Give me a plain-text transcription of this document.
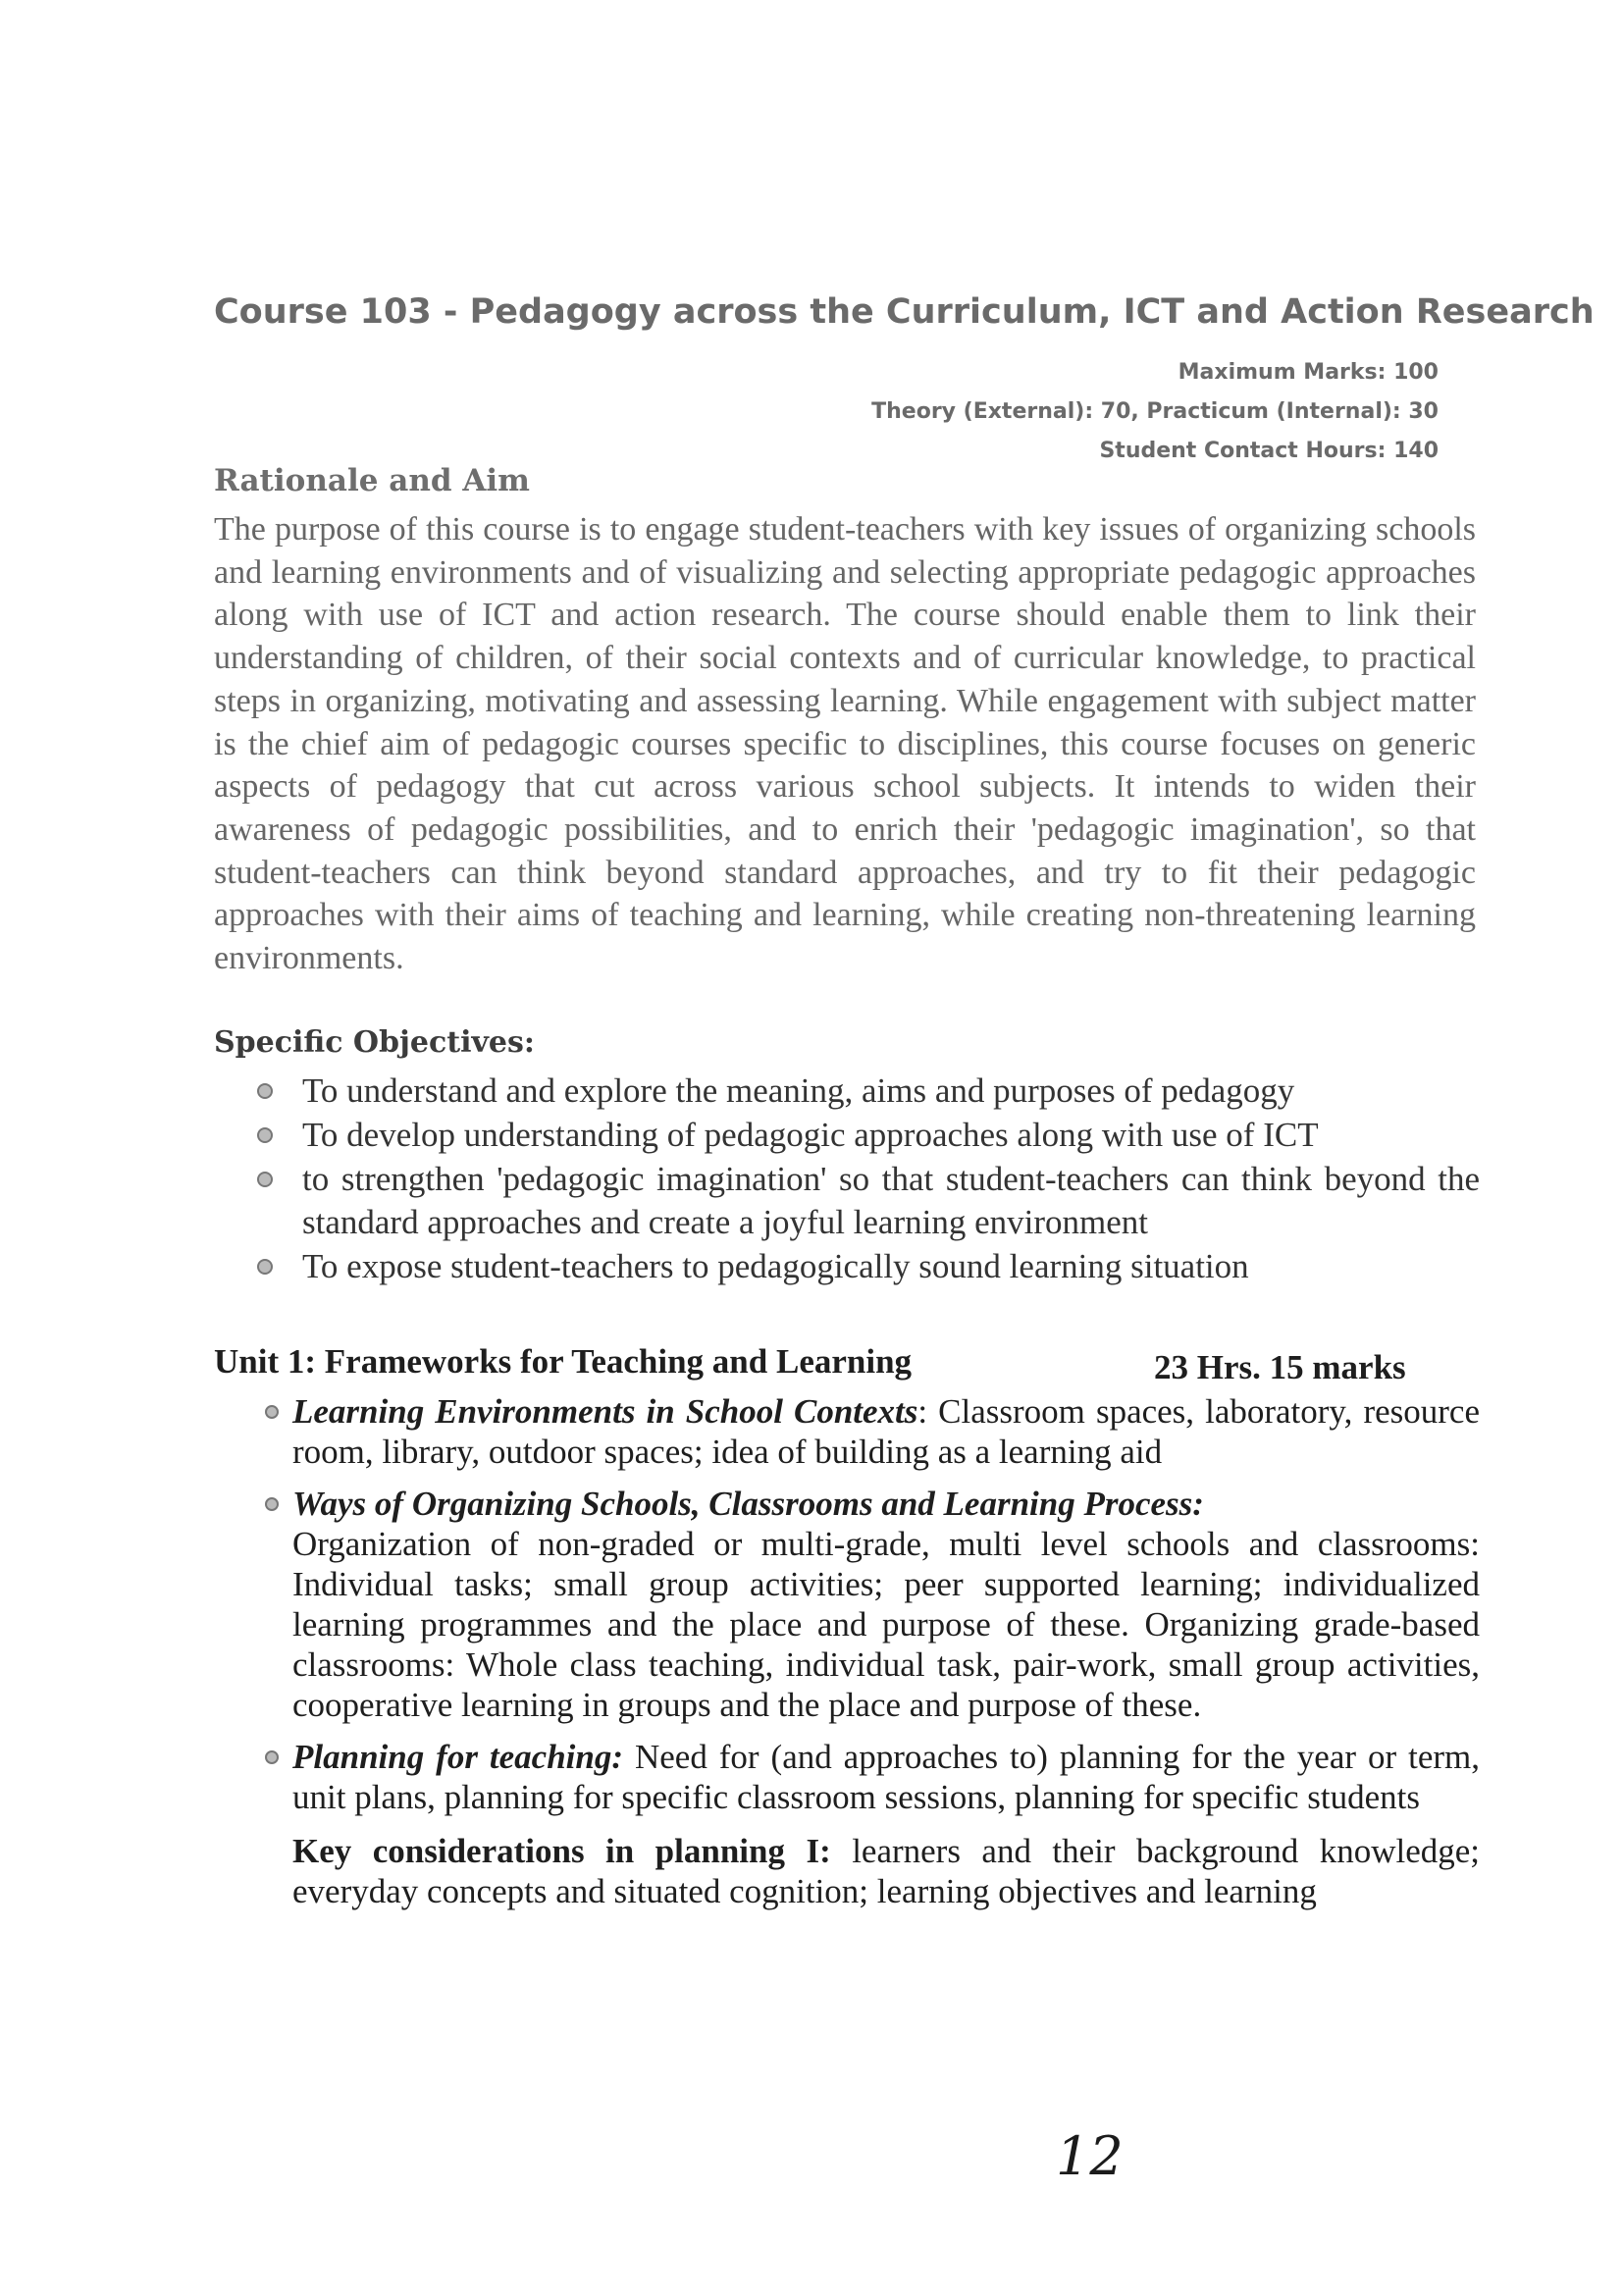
Course 103 - Pedagogy across the Curriculum, ICT and Action Research
Maximum Marks: 100
Theory (External): 70, Practicum (Internal): 30
Student Contact Hours: 140
Rationale and Aim
The purpose of this course is to engage student-teachers with key issues of organizing schools and learning environments and of visualizing and selecting appropriate pedagogic approaches along with use of ICT and action research. The course should enable them to link their understanding of children, of their social contexts and of curricular knowledge, to practical steps in organizing, motivating and assessing learning. While engagement with subject matter is the chief aim of pedagogic courses specific to disciplines, this course focuses on generic aspects of pedagogy that cut across various school subjects. It intends to widen their awareness of pedagogic possibilities, and to enrich their 'pedagogic imagination', so that student-teachers can think beyond standard approaches, and try to fit their pedagogic approaches with their aims of teaching and learning, while creating non-threatening learning environments.
Specific Objectives:
To understand and explore the meaning, aims and purposes of pedagogy
To develop understanding of pedagogic approaches along with use of ICT
to strengthen 'pedagogic imagination' so that student-teachers can think beyond the standard approaches and create a joyful learning environment
To expose student-teachers to pedagogically sound learning situation
Unit 1: Frameworks for Teaching and Learning	23 Hrs. 15 marks
Learning Environments in School Contexts: Classroom spaces, laboratory, resource room, library, outdoor spaces; idea of building as a learning aid
Ways of Organizing Schools, Classrooms and Learning Process:
Organization of non-graded or multi-grade, multi level schools and classrooms: Individual tasks; small group activities; peer supported learning; individualized learning programmes and the place and purpose of these. Organizing grade-based classrooms: Whole class teaching, individual task, pair-work, small group activities, cooperative learning in groups and the place and purpose of these.
Planning for teaching: Need for (and approaches to) planning for the year or term, unit plans, planning for specific classroom sessions, planning for specific students
Key considerations in planning I: learners and their background knowledge; everyday concepts and situated cognition; learning objectives and learning
12
